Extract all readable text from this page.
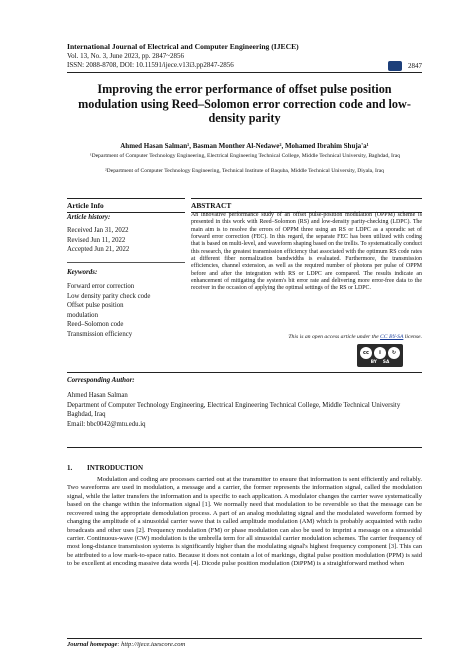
International Journal of Electrical and Computer Engineering (IJECE)
Vol. 13, No. 3, June 2023, pp. 2847~2856
ISSN: 2088-8708, DOI: 10.11591/ijece.v13i3.pp2847-2856	2847
Improving the error performance of offset pulse position modulation using Reed–Solomon error correction code and low-density parity
Ahmed Hasan Salman¹, Basman Monther Al-Nedawe², Mohamed Ibrahim Shuja'a¹
¹Department of Computer Technology Engineering, Electrical Engineering Technical College, Middle Technical University, Baghdad, Iraq
²Department of Computer Technology Engineering, Technical Institute of Baquba, Middle Technical University, Diyala, Iraq
Article Info	ABSTRACT
Article history:
Received Jan 31, 2022
Revised Jun 11, 2022
Accepted Jun 21, 2022
Keywords:
Forward error correction
Low density parity check code
Offset pulse position
modulation
Reed–Solomon code
Transmission efficiency
An innovative performance study of an offset pulse-position modulation (OPPM) scheme is presented in this work with Reed–Solomon (RS) and low-density parity-checking (LDPC). The main aim is to resolve the errors of OPPM three using an RS or LDPC as a sporadic set of forward error correction (FEC). In this regard, the separate FEC has been utilized with coding that is based on multi-level, and waveform shaping based on the trellis. To systematically conduct this research, the greatest transmission efficiency that associated with the optimum RS code rates at different fiber normalization bandwidths is evaluated. Furthermore, the transmission efficiencies, channel extension, as well as the required number of photons per pulse of OPPM before and after the integration with RS or LDPC are compared. The results indicate an enhancement of mitigating the system's bit error rate and delivering more error-free data to the receiver in the occasion of applying the optimal settings of the RS or LDPC.
This is an open access article under the CC BY-SA license.
cc	i	↻
BY SA
Corresponding Author:
Ahmed Hasan Salman
Department of Computer Technology Engineering, Electrical Engineering Technical College, Middle Technical University
Baghdad, Iraq
Email: bbc0042@mtu.edu.iq
1. INTRODUCTION
Modulation and coding are processes carried out at the transmitter to ensure that information is sent efficiently and reliably. Two waveforms are used in modulation, a message and a carrier, the former represents the information signal, called the modulation signal, while the latter transfers the information and is specific to each application. A modulator changes the carrier wave systematically based on the change within the information signal [1]. We normally need that modulation to be reversible so that the message can be recovered using the appropriate demodulation process. A part of an analog modulating signal and the modulated waveform formed by changing the amplitude of a sinusoidal carrier wave that is called amplitude modulation (AM) which is probably acquainted with radio broadcasts and other uses [2]. Frequency modulation (FM) or phase modulation can also be used to imprint a message on a sinusoidal carrier. Continuous-wave (CW) modulation is the umbrella term for all sinusoidal carrier modulation schemes. The carrier frequency of most long-distance transmission systems is significantly higher than the modulating signal's highest frequency component [3]. This can be attributed to a low mark-to-space ratio. Because it does not contain a lot of markings, digital pulse position modulation (PPM) is said to be excellent at encoding massive data words [4]. Dicode pulse position modulation (DiPPM) is a straightforward method when
Journal homepage: http://ijece.iaescore.com
